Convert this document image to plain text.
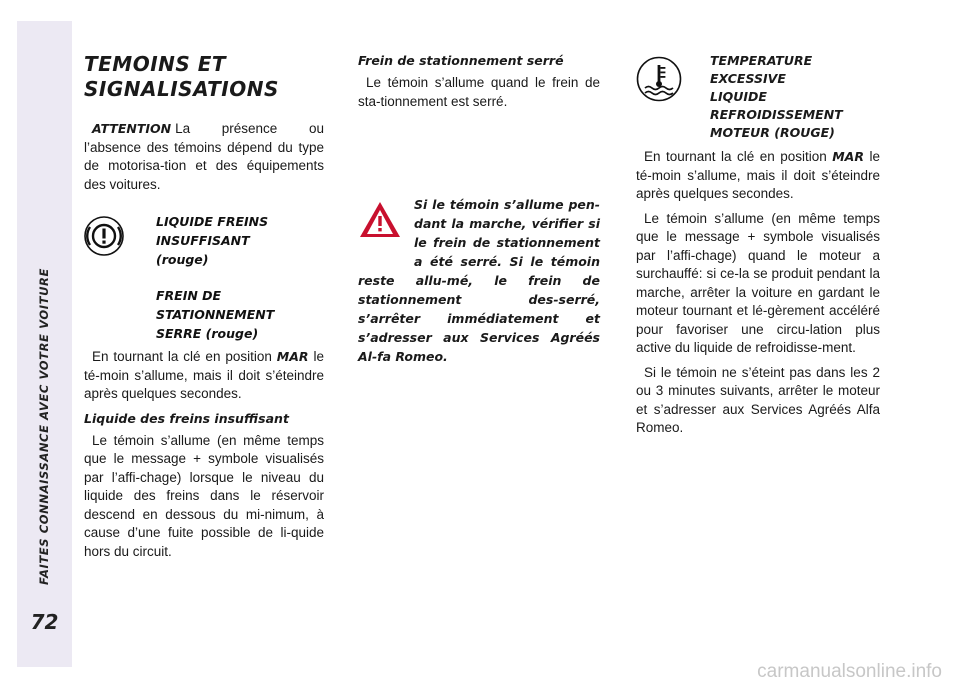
FAITES CONNAISSANCE AVEC VOTRE VOITURE
72
TEMOINS ET
SIGNALISATIONS

ATTENTION La présence ou l’absence des témoins dépend du type de motorisa-tion et des équipements des voitures.

LIQUIDE FREINS
INSUFFISANT
(rouge)
FREIN DE
STATIONNEMENT
SERRE (rouge)

En tournant la clé en position MAR le té-moin s’allume, mais il doit s’éteindre après quelques secondes.

Liquide des freins insuffisant

Le témoin s’allume (en même temps que le message + symbole visualisés par l’affi-chage) lorsque le niveau du liquide des freins dans le réservoir descend en dessous du mi-nimum, à cause d’une fuite possible de li-quide hors du circuit.

Frein de stationnement serré

Le témoin s’allume quand le frein de sta-tionnement est serré.

Si le témoin s’allume pen-dant la marche, vérifier si le frein de stationnement a été serré. Si le témoin reste allu-mé, le frein de stationnement des-serré, s’arrêter immédiatement et s’adresser aux Services Agréés Al-fa Romeo.

TEMPERATURE
EXCESSIVE
LIQUIDE
REFROIDISSEMENT
MOTEUR (ROUGE)

En tournant la clé en position MAR le té-moin s’allume, mais il doit s’éteindre après quelques secondes.

Le témoin s’allume (en même temps que le message + symbole visualisés par l’affi-chage) quand le moteur a surchauffé: si ce-la se produit pendant la marche, arrêter la voiture en gardant le moteur tournant et lé-gèrement accéléré pour favoriser une circu-lation plus active du liquide de refroidisse-ment.

Si le témoin ne s’éteint pas dans les 2 ou 3 minutes suivants, arrêter le moteur et s’adresser aux Services Agréés Alfa Romeo.

carmanualsonline.info
